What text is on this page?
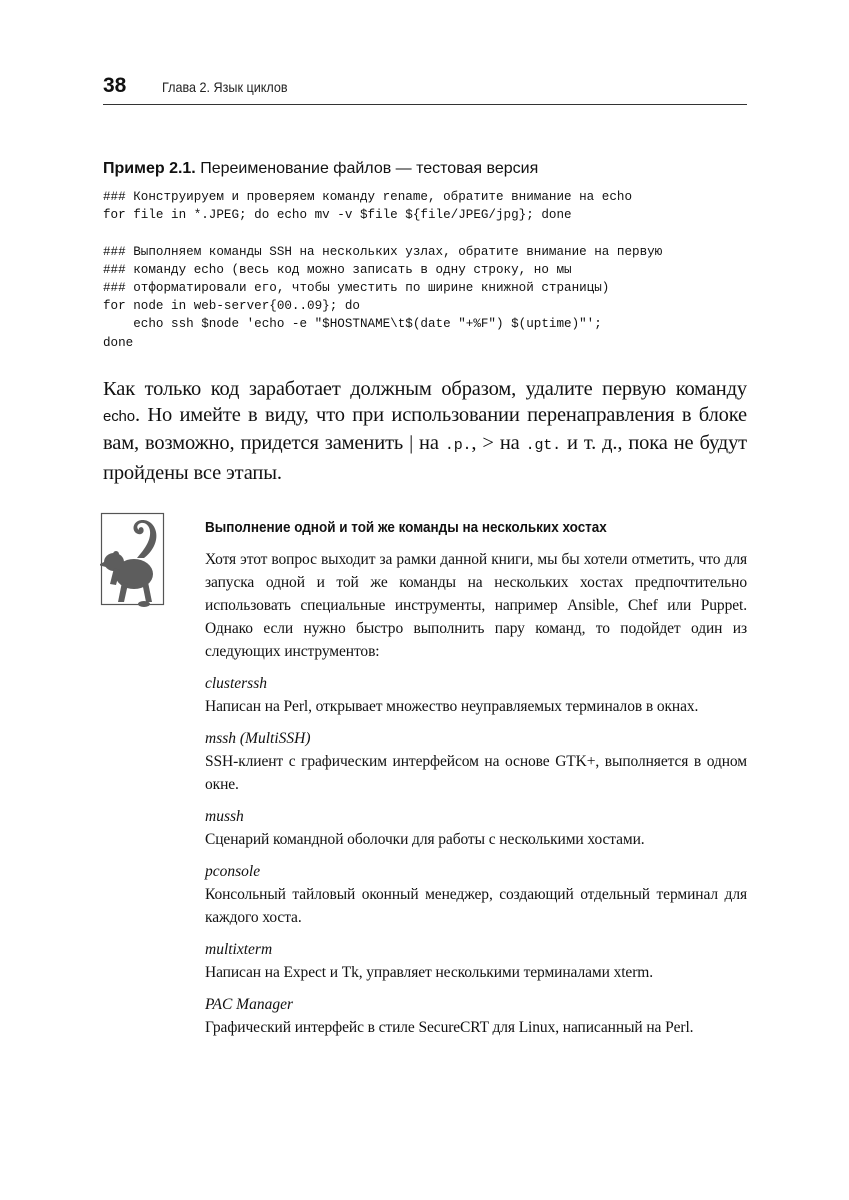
38	Глава 2. Язык циклов
Пример 2.1. Переименование файлов — тестовая версия
### Конструируем и проверяем команду rename, обратите внимание на echo
for file in *.JPEG; do echo mv -v $file ${file/JPEG/jpg}; done

### Выполняем команды SSH на нескольких узлах, обратите внимание на первую
### команду echo (весь код можно записать в одну строку, но мы
### отформатировали его, чтобы уместить по ширине книжной страницы)
for node in web-server{00..09}; do
echo ssh $node 'echo -e "$HOSTNAME\t$(date "+%F") $(uptime)"';
done
Как только код заработает должным образом, удалите первую команду echo. Но имейте в виду, что при использовании перенаправления в блоке вам, возможно, придется заменить | на .p., > на .gt. и т. д., пока не будут пройдены все этапы.
Выполнение одной и той же команды на нескольких хостах
Хотя этот вопрос выходит за рамки данной книги, мы бы хотели отметить, что для запуска одной и той же команды на нескольких хостах предпочтительно использовать специальные инструменты, например Ansible, Chef или Puppet. Однако если нужно быстро выполнить пару команд, то подойдет один из следующих инструментов:
clusterssh
Написан на Perl, открывает множество неуправляемых терминалов в окнах.
mssh (MultiSSH)
SSH-клиент с графическим интерфейсом на основе GTK+, выполняется в одном окне.
mussh
Сценарий командной оболочки для работы с несколькими хостами.
pconsole
Консольный тайловый оконный менеджер, создающий отдельный терминал для каждого хоста.
multixterm
Написан на Expect и Tk, управляет несколькими терминалами xterm.
PAC Manager
Графический интерфейс в стиле SecureCRT для Linux, написанный на Perl.
